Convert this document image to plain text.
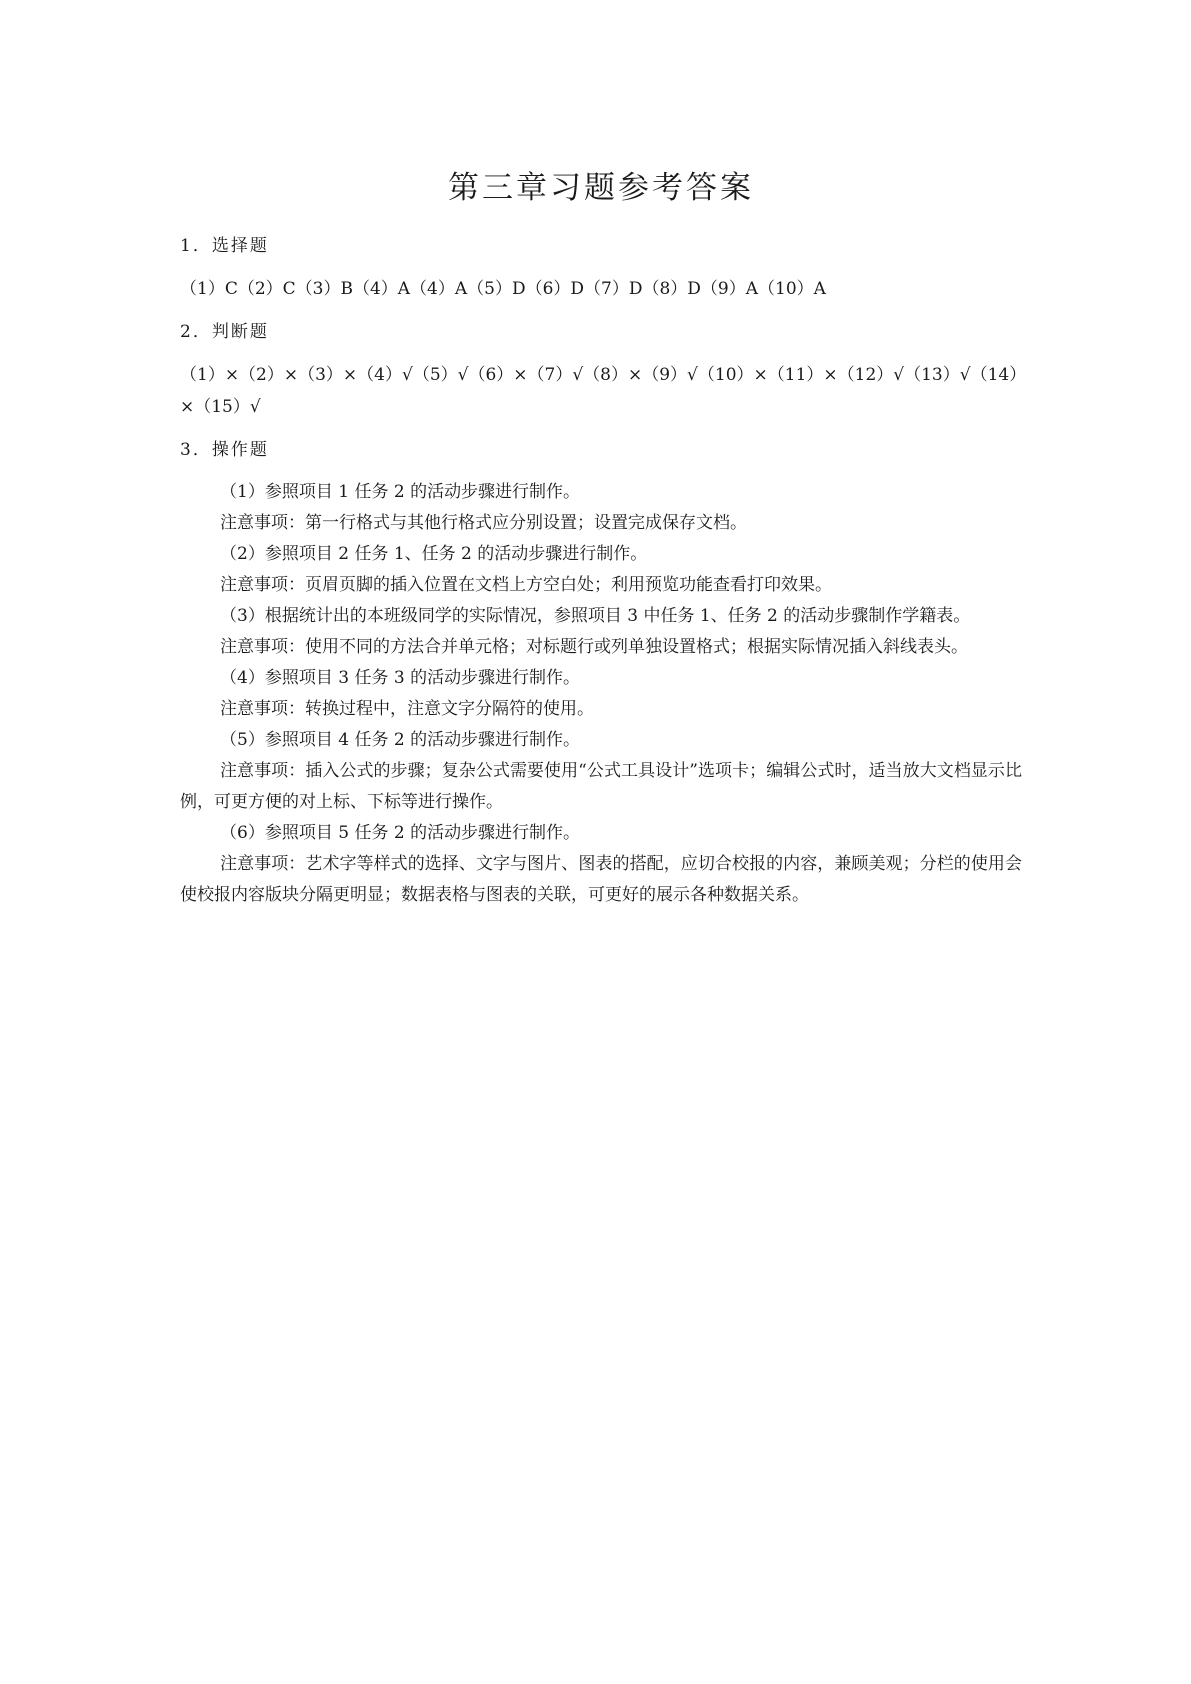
第三章习题参考答案
1．选择题

（1）C（2）C（3）B（4）A（4）A（5）D（6）D（7）D（8）D（9）A（10）A

2．判断题

（1）×（2）×（3）×（4）√（5）√（6）×（7）√（8）×（9）√（10）×（11）×（12）√（13）√（14）×（15）√

3．操作题

（1）参照项目 1 任务 2 的活动步骤进行制作。

注意事项：第一行格式与其他行格式应分别设置；设置完成保存文档。

（2）参照项目 2 任务 1、任务 2 的活动步骤进行制作。

注意事项：页眉页脚的插入位置在文档上方空白处；利用预览功能查看打印效果。

（3）根据统计出的本班级同学的实际情况，参照项目 3 中任务 1、任务 2 的活动步骤制作学籍表。

注意事项：使用不同的方法合并单元格；对标题行或列单独设置格式；根据实际情况插入斜线表头。

（4）参照项目 3 任务 3 的活动步骤进行制作。

注意事项：转换过程中，注意文字分隔符的使用。

（5）参照项目 4 任务 2 的活动步骤进行制作。

注意事项：插入公式的步骤；复杂公式需要使用“公式工具设计”选项卡；编辑公式时，适当放大文档显示比例，可更方便的对上标、下标等进行操作。

（6）参照项目 5 任务 2 的活动步骤进行制作。

注意事项：艺术字等样式的选择、文字与图片、图表的搭配，应切合校报的内容，兼顾美观；分栏的使用会使校报内容版块分隔更明显；数据表格与图表的关联，可更好的展示各种数据关系。
